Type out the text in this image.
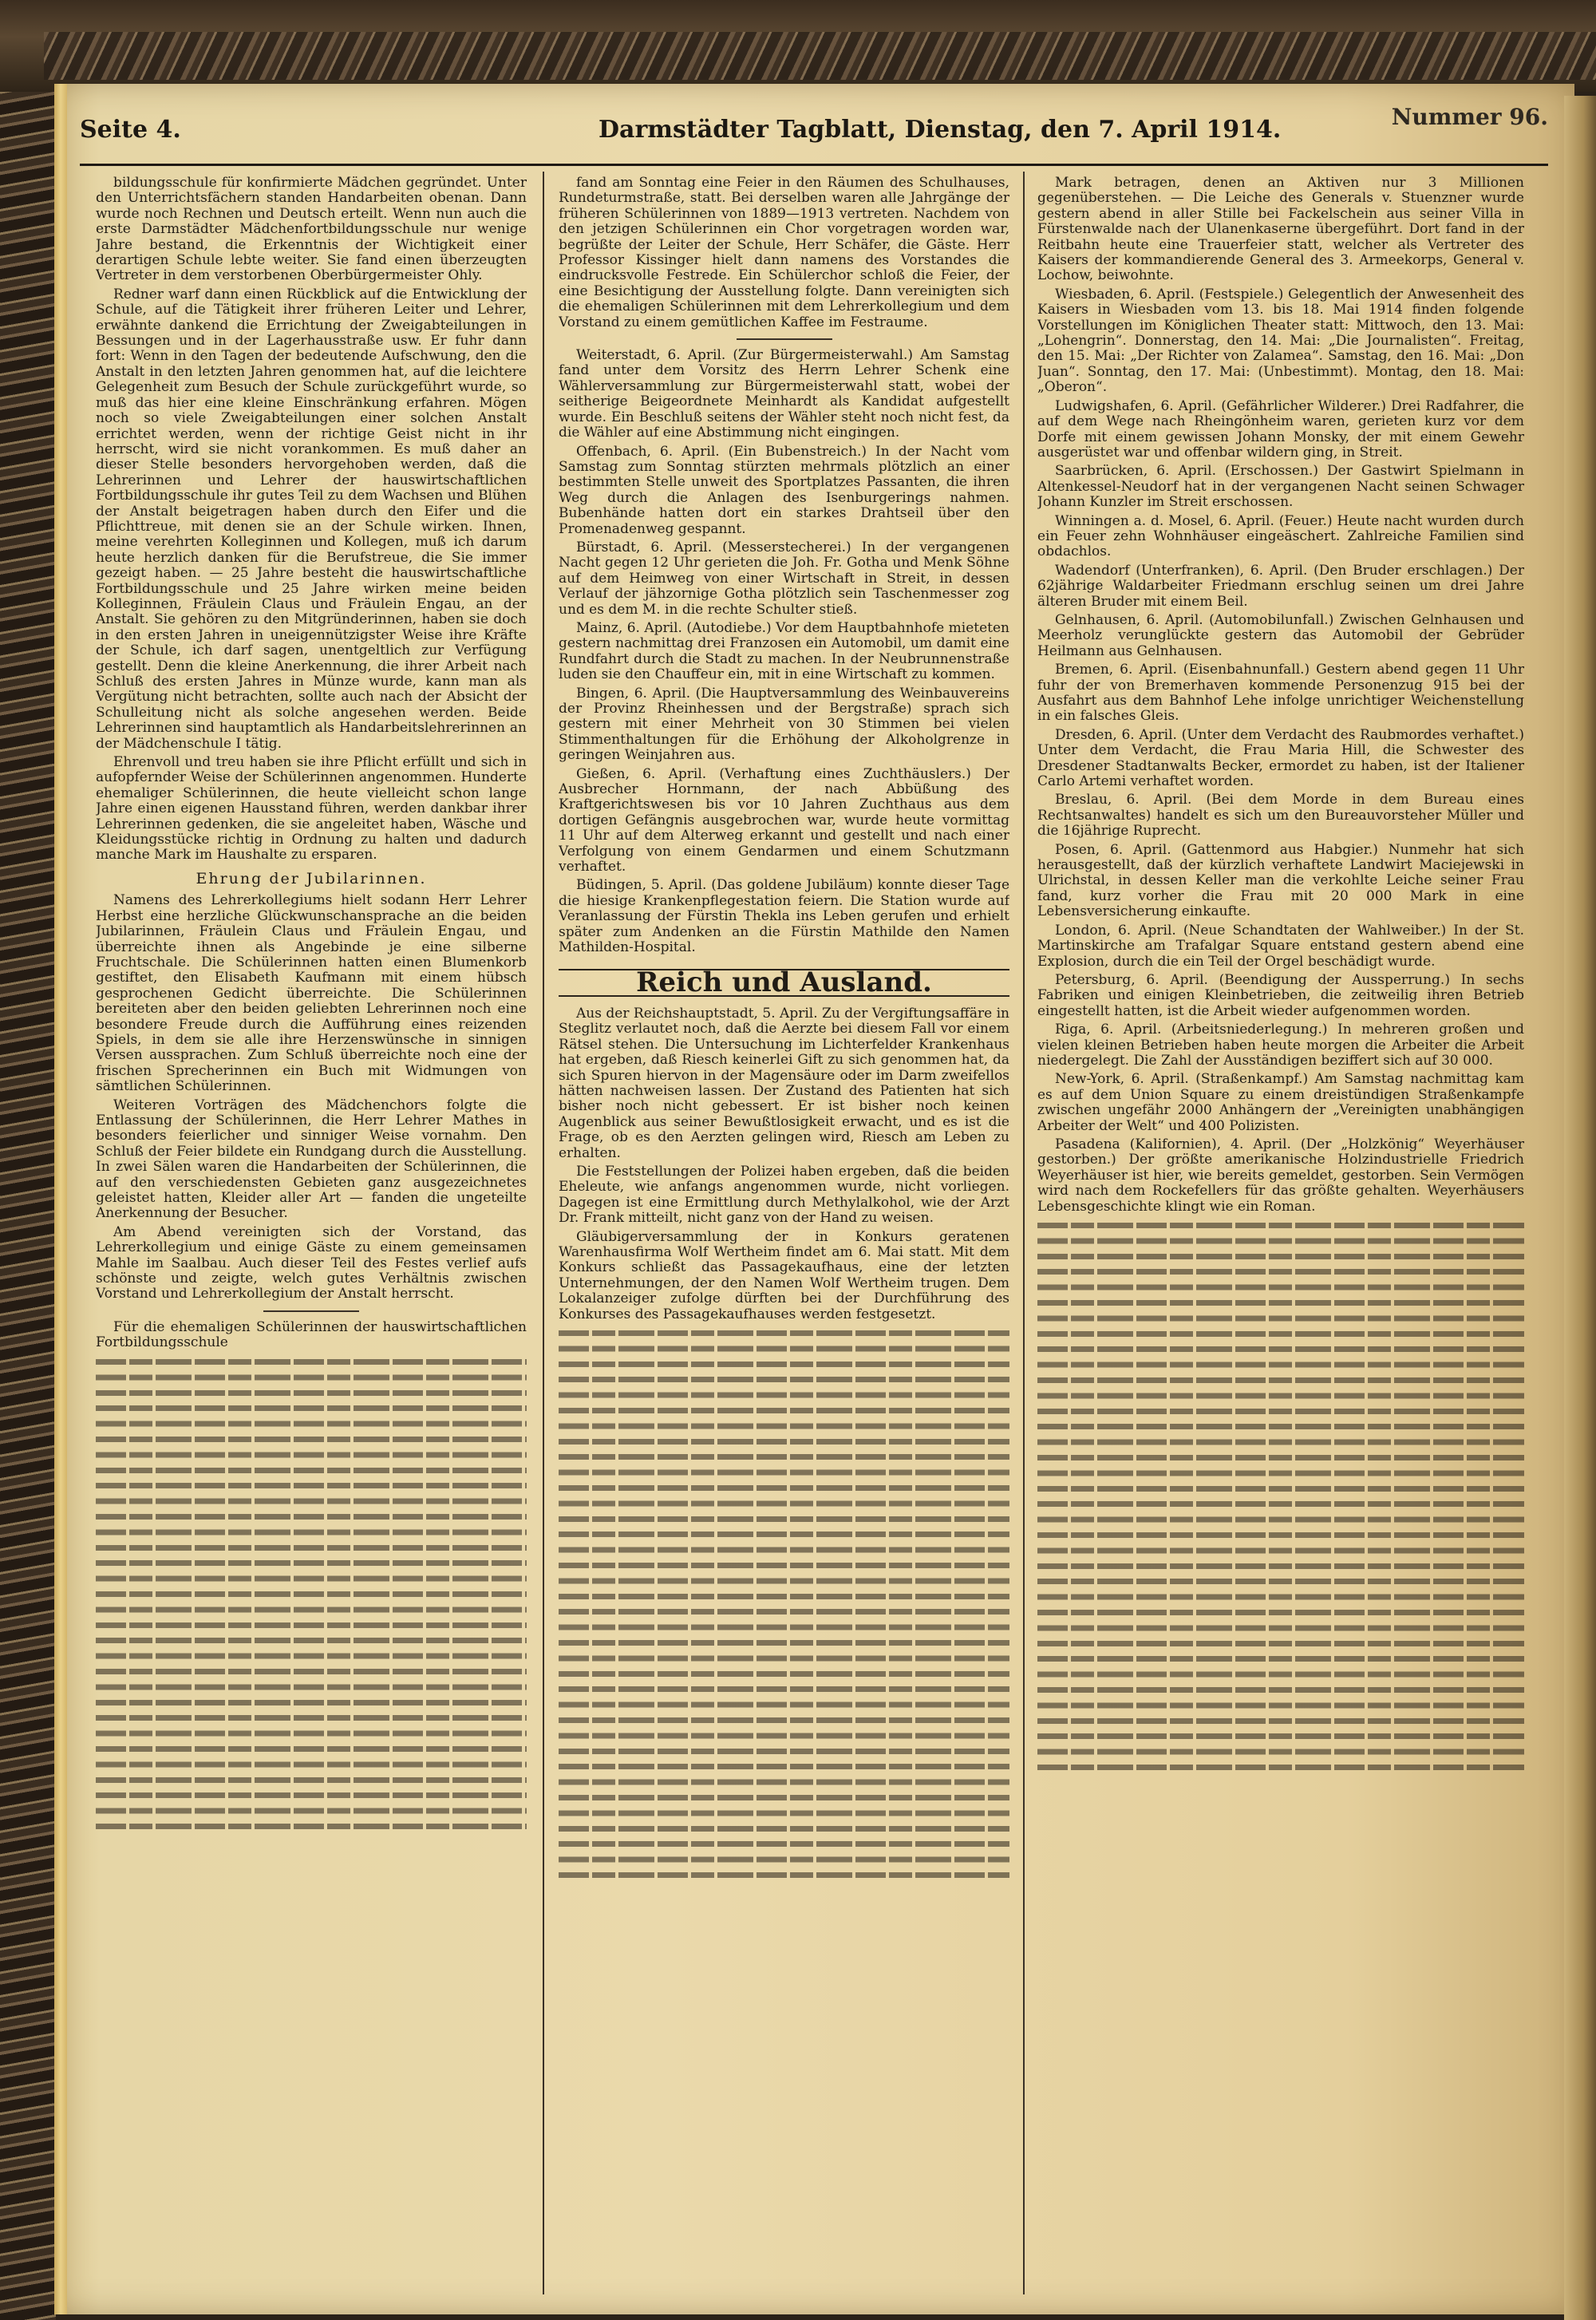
Seite 4.	Darmstädter Tagblatt, Dienstag, den 7. April 1914.	Nummer 96.

bildungsschule für konfirmierte Mädchen gegründet. Unter den Unterrichtsfächern standen Handarbeiten obenan. Dann wurde noch Rechnen und Deutsch erteilt. Wenn nun auch die erste Darmstädter Mädchenfortbildungsschule nur wenige Jahre bestand, die Erkenntnis der Wichtigkeit einer derartigen Schule lebte weiter. Sie fand einen überzeugten Vertreter in dem verstorbenen Oberbürgermeister Ohly.

Redner warf dann einen Rückblick auf die Entwicklung der Schule, auf die Tätigkeit ihrer früheren Leiter und Lehrer, erwähnte dankend die Errichtung der Zweigabteilungen in Bessungen und in der Lagerhausstraße usw. Er fuhr dann fort: Wenn in den Tagen der bedeutende Aufschwung, den die Anstalt in den letzten Jahren genommen hat, auf die leichtere Gelegenheit zum Besuch der Schule zurückgeführt wurde, so muß das hier eine kleine Einschränkung erfahren. Mögen noch so viele Zweigabteilungen einer solchen Anstalt errichtet werden, wenn der richtige Geist nicht in ihr herrscht, wird sie nicht vorankommen. Es muß daher an dieser Stelle besonders hervorgehoben werden, daß die Lehrerinnen und Lehrer der hauswirtschaftlichen Fortbildungsschule ihr gutes Teil zu dem Wachsen und Blühen der Anstalt beigetragen haben durch den Eifer und die Pflichttreue, mit denen sie an der Schule wirken. Ihnen, meine verehrten Kolleginnen und Kollegen, muß ich darum heute herzlich danken für die Berufstreue, die Sie immer gezeigt haben. — 25 Jahre besteht die hauswirtschaftliche Fortbildungsschule und 25 Jahre wirken meine beiden Kolleginnen, Fräulein Claus und Fräulein Engau, an der Anstalt. Sie gehören zu den Mitgründerinnen, haben sie doch in den ersten Jahren in uneigennützigster Weise ihre Kräfte der Schule, ich darf sagen, unentgeltlich zur Verfügung gestellt. Denn die kleine Anerkennung, die ihrer Arbeit nach Schluß des ersten Jahres in Münze wurde, kann man als Vergütung nicht betrachten, sollte auch nach der Absicht der Schulleitung nicht als solche angesehen werden. Beide Lehrerinnen sind hauptamtlich als Handarbeitslehrerinnen an der Mädchenschule I tätig.

Ehrenvoll und treu haben sie ihre Pflicht erfüllt und sich in aufopfernder Weise der Schülerinnen angenommen. Hunderte ehemaliger Schülerinnen, die heute vielleicht schon lange Jahre einen eigenen Hausstand führen, werden dankbar ihrer Lehrerinnen gedenken, die sie angeleitet haben, Wäsche und Kleidungsstücke richtig in Ordnung zu halten und dadurch manche Mark im Haushalte zu ersparen.

Ehrung der Jubilarinnen.

Namens des Lehrerkollegiums hielt sodann Herr Lehrer Herbst eine herzliche Glückwunschansprache an die beiden Jubilarinnen, Fräulein Claus und Fräulein Engau, und überreichte ihnen als Angebinde je eine silberne Fruchtschale. Die Schülerinnen hatten einen Blumenkorb gestiftet, den Elisabeth Kaufmann mit einem hübsch gesprochenen Gedicht überreichte. Die Schülerinnen bereiteten aber den beiden geliebten Lehrerinnen noch eine besondere Freude durch die Aufführung eines reizenden Spiels, in dem sie alle ihre Herzenswünsche in sinnigen Versen aussprachen. Zum Schluß überreichte noch eine der frischen Sprecherinnen ein Buch mit Widmungen von sämtlichen Schülerinnen.

Weiteren Vorträgen des Mädchenchors folgte die Entlassung der Schülerinnen, die Herr Lehrer Mathes in besonders feierlicher und sinniger Weise vornahm. Den Schluß der Feier bildete ein Rundgang durch die Ausstellung. In zwei Sälen waren die Handarbeiten der Schülerinnen, die auf den verschiedensten Gebieten ganz ausgezeichnetes geleistet hatten, Kleider aller Art — fanden die ungeteilte Anerkennung der Besucher.

Am Abend vereinigten sich der Vorstand, das Lehrerkollegium und einige Gäste zu einem gemeinsamen Mahle im Saalbau. Auch dieser Teil des Festes verlief aufs schönste und zeigte, welch gutes Verhältnis zwischen Vorstand und Lehrerkollegium der Anstalt herrscht.

Für die ehemaligen Schülerinnen der hauswirtschaftlichen Fortbildungsschule

fand am Sonntag eine Feier in den Räumen des Schulhauses, Rundeturmstraße, statt. Bei derselben waren alle Jahrgänge der früheren Schülerinnen von 1889—1913 vertreten. Nachdem von den jetzigen Schülerinnen ein Chor vorgetragen worden war, begrüßte der Leiter der Schule, Herr Schäfer, die Gäste. Herr Professor Kissinger hielt dann namens des Vorstandes die eindrucksvolle Festrede. Ein Schülerchor schloß die Feier, der eine Besichtigung der Ausstellung folgte. Dann vereinigten sich die ehemaligen Schülerinnen mit dem Lehrerkollegium und dem Vorstand zu einem gemütlichen Kaffee im Festraume.

Weiterstadt, 6. April. (Zur Bürgermeisterwahl.) Am Samstag fand unter dem Vorsitz des Herrn Lehrer Schenk eine Wählerversammlung zur Bürgermeisterwahl statt, wobei der seitherige Beigeordnete Meinhardt als Kandidat aufgestellt wurde. Ein Beschluß seitens der Wähler steht noch nicht fest, da die Wähler auf eine Abstimmung nicht eingingen.

Offenbach, 6. April. (Ein Bubenstreich.) In der Nacht vom Samstag zum Sonntag stürzten mehrmals plötzlich an einer bestimmten Stelle unweit des Sportplatzes Passanten, die ihren Weg durch die Anlagen des Isenburgerings nahmen. Bubenhände hatten dort ein starkes Drahtseil über den Promenadenweg gespannt.

Bürstadt, 6. April. (Messerstecherei.) In der vergangenen Nacht gegen 12 Uhr gerieten die Joh. Fr. Gotha und Menk Söhne auf dem Heimweg von einer Wirtschaft in Streit, in dessen Verlauf der jähzornige Gotha plötzlich sein Taschenmesser zog und es dem M. in die rechte Schulter stieß.

Mainz, 6. April. (Autodiebe.) Vor dem Hauptbahnhofe mieteten gestern nachmittag drei Franzosen ein Automobil, um damit eine Rundfahrt durch die Stadt zu machen. In der Neubrunnenstraße luden sie den Chauffeur ein, mit in eine Wirtschaft zu kommen.

Bingen, 6. April. (Die Hauptversammlung des Weinbauvereins der Provinz Rheinhessen und der Bergstraße) sprach sich gestern mit einer Mehrheit von 30 Stimmen bei vielen Stimmenthaltungen für die Erhöhung der Alkoholgrenze in geringen Weinjahren aus.

Gießen, 6. April. (Verhaftung eines Zuchthäuslers.) Der Ausbrecher Hornmann, der nach Abbüßung des Kraftgerichtswesen bis vor 10 Jahren Zuchthaus aus dem dortigen Gefängnis ausgebrochen war, wurde heute vormittag 11 Uhr auf dem Alterweg erkannt und gestellt und nach einer Verfolgung von einem Gendarmen und einem Schutzmann verhaftet.

Büdingen, 5. April. (Das goldene Jubiläum) konnte dieser Tage die hiesige Krankenpflegestation feiern. Die Station wurde auf Veranlassung der Fürstin Thekla ins Leben gerufen und erhielt später zum Andenken an die Fürstin Mathilde den Namen Mathilden-Hospital.

Reich und Ausland.

Aus der Reichshauptstadt, 5. April. Zu der Vergiftungsaffäre in Steglitz verlautet noch, daß die Aerzte bei diesem Fall vor einem Rätsel stehen. Die Untersuchung im Lichterfelder Krankenhaus hat ergeben, daß Riesch keinerlei Gift zu sich genommen hat, da sich Spuren hiervon in der Magensäure oder im Darm zweifellos hätten nachweisen lassen. Der Zustand des Patienten hat sich bisher noch nicht gebessert. Er ist bisher noch keinen Augenblick aus seiner Bewußtlosigkeit erwacht, und es ist die Frage, ob es den Aerzten gelingen wird, Riesch am Leben zu erhalten.

Die Feststellungen der Polizei haben ergeben, daß die beiden Eheleute, wie anfangs angenommen wurde, nicht vorliegen. Dagegen ist eine Ermittlung durch Methylalkohol, wie der Arzt Dr. Frank mitteilt, nicht ganz von der Hand zu weisen.

Gläubigerversammlung der in Konkurs geratenen Warenhausfirma Wolf Wertheim findet am 6. Mai statt. Mit dem Konkurs schließt das Passagekaufhaus, eine der letzten Unternehmungen, der den Namen Wolf Wertheim trugen. Dem Lokalanzeiger zufolge dürften bei der Durchführung des Konkurses des Passagekaufhauses werden festgesetzt.

Mark betragen, denen an Aktiven nur 3 Millionen gegenüberstehen. — Die Leiche des Generals v. Stuenzner wurde gestern abend in aller Stille bei Fackelschein aus seiner Villa in Fürstenwalde nach der Ulanenkaserne übergeführt. Dort fand in der Reitbahn heute eine Trauerfeier statt, welcher als Vertreter des Kaisers der kommandierende General des 3. Armeekorps, General v. Lochow, beiwohnte.

Wiesbaden, 6. April. (Festspiele.) Gelegentlich der Anwesenheit des Kaisers in Wiesbaden vom 13. bis 18. Mai 1914 finden folgende Vorstellungen im Königlichen Theater statt: Mittwoch, den 13. Mai: „Lohengrin“. Donnerstag, den 14. Mai: „Die Journalisten“. Freitag, den 15. Mai: „Der Richter von Zalamea“. Samstag, den 16. Mai: „Don Juan“. Sonntag, den 17. Mai: (Unbestimmt). Montag, den 18. Mai: „Oberon“.

Ludwigshafen, 6. April. (Gefährlicher Wilderer.) Drei Radfahrer, die auf dem Wege nach Rheingönheim waren, gerieten kurz vor dem Dorfe mit einem gewissen Johann Monsky, der mit einem Gewehr ausgerüstet war und offenbar wildern ging, in Streit.

Saarbrücken, 6. April. (Erschossen.) Der Gastwirt Spielmann in Altenkessel-Neudorf hat in der vergangenen Nacht seinen Schwager Johann Kunzler im Streit erschossen.

Winningen a. d. Mosel, 6. April. (Feuer.) Heute nacht wurden durch ein Feuer zehn Wohnhäuser eingeäschert. Zahlreiche Familien sind obdachlos.

Wadendorf (Unterfranken), 6. April. (Den Bruder erschlagen.) Der 62jährige Waldarbeiter Friedmann erschlug seinen um drei Jahre älteren Bruder mit einem Beil.

Gelnhausen, 6. April. (Automobilunfall.) Zwischen Gelnhausen und Meerholz verunglückte gestern das Automobil der Gebrüder Heilmann aus Gelnhausen.

Bremen, 6. April. (Eisenbahnunfall.) Gestern abend gegen 11 Uhr fuhr der von Bremerhaven kommende Personenzug 915 bei der Ausfahrt aus dem Bahnhof Lehe infolge unrichtiger Weichenstellung in ein falsches Gleis.

Dresden, 6. April. (Unter dem Verdacht des Raubmordes verhaftet.) Unter dem Verdacht, die Frau Maria Hill, die Schwester des Dresdener Stadtanwalts Becker, ermordet zu haben, ist der Italiener Carlo Artemi verhaftet worden.

Breslau, 6. April. (Bei dem Morde in dem Bureau eines Rechtsanwaltes) handelt es sich um den Bureauvorsteher Müller und die 16jährige Ruprecht.

Posen, 6. April. (Gattenmord aus Habgier.) Nunmehr hat sich herausgestellt, daß der kürzlich verhaftete Landwirt Maciejewski in Ulrichstal, in dessen Keller man die verkohlte Leiche seiner Frau fand, kurz vorher die Frau mit 20 000 Mark in eine Lebensversicherung einkaufte.

London, 6. April. (Neue Schandtaten der Wahlweiber.) In der St. Martinskirche am Trafalgar Square entstand gestern abend eine Explosion, durch die ein Teil der Orgel beschädigt wurde.

Petersburg, 6. April. (Beendigung der Aussperrung.) In sechs Fabriken und einigen Kleinbetrieben, die zeitweilig ihren Betrieb eingestellt hatten, ist die Arbeit wieder aufgenommen worden.

Riga, 6. April. (Arbeitsniederlegung.) In mehreren großen und vielen kleinen Betrieben haben heute morgen die Arbeiter die Arbeit niedergelegt. Die Zahl der Ausständigen beziffert sich auf 30 000.

New-York, 6. April. (Straßenkampf.) Am Samstag nachmittag kam es auf dem Union Square zu einem dreistündigen Straßenkampfe zwischen ungefähr 2000 Anhängern der „Vereinigten unabhängigen Arbeiter der Welt“ und 400 Polizisten.

Pasadena (Kalifornien), 4. April. (Der „Holzkönig“ Weyerhäuser gestorben.) Der größte amerikanische Holzindustrielle Friedrich Weyerhäuser ist hier, wie bereits gemeldet, gestorben. Sein Vermögen wird nach dem Rockefellers für das größte gehalten. Weyerhäusers Lebensgeschichte klingt wie ein Roman.
